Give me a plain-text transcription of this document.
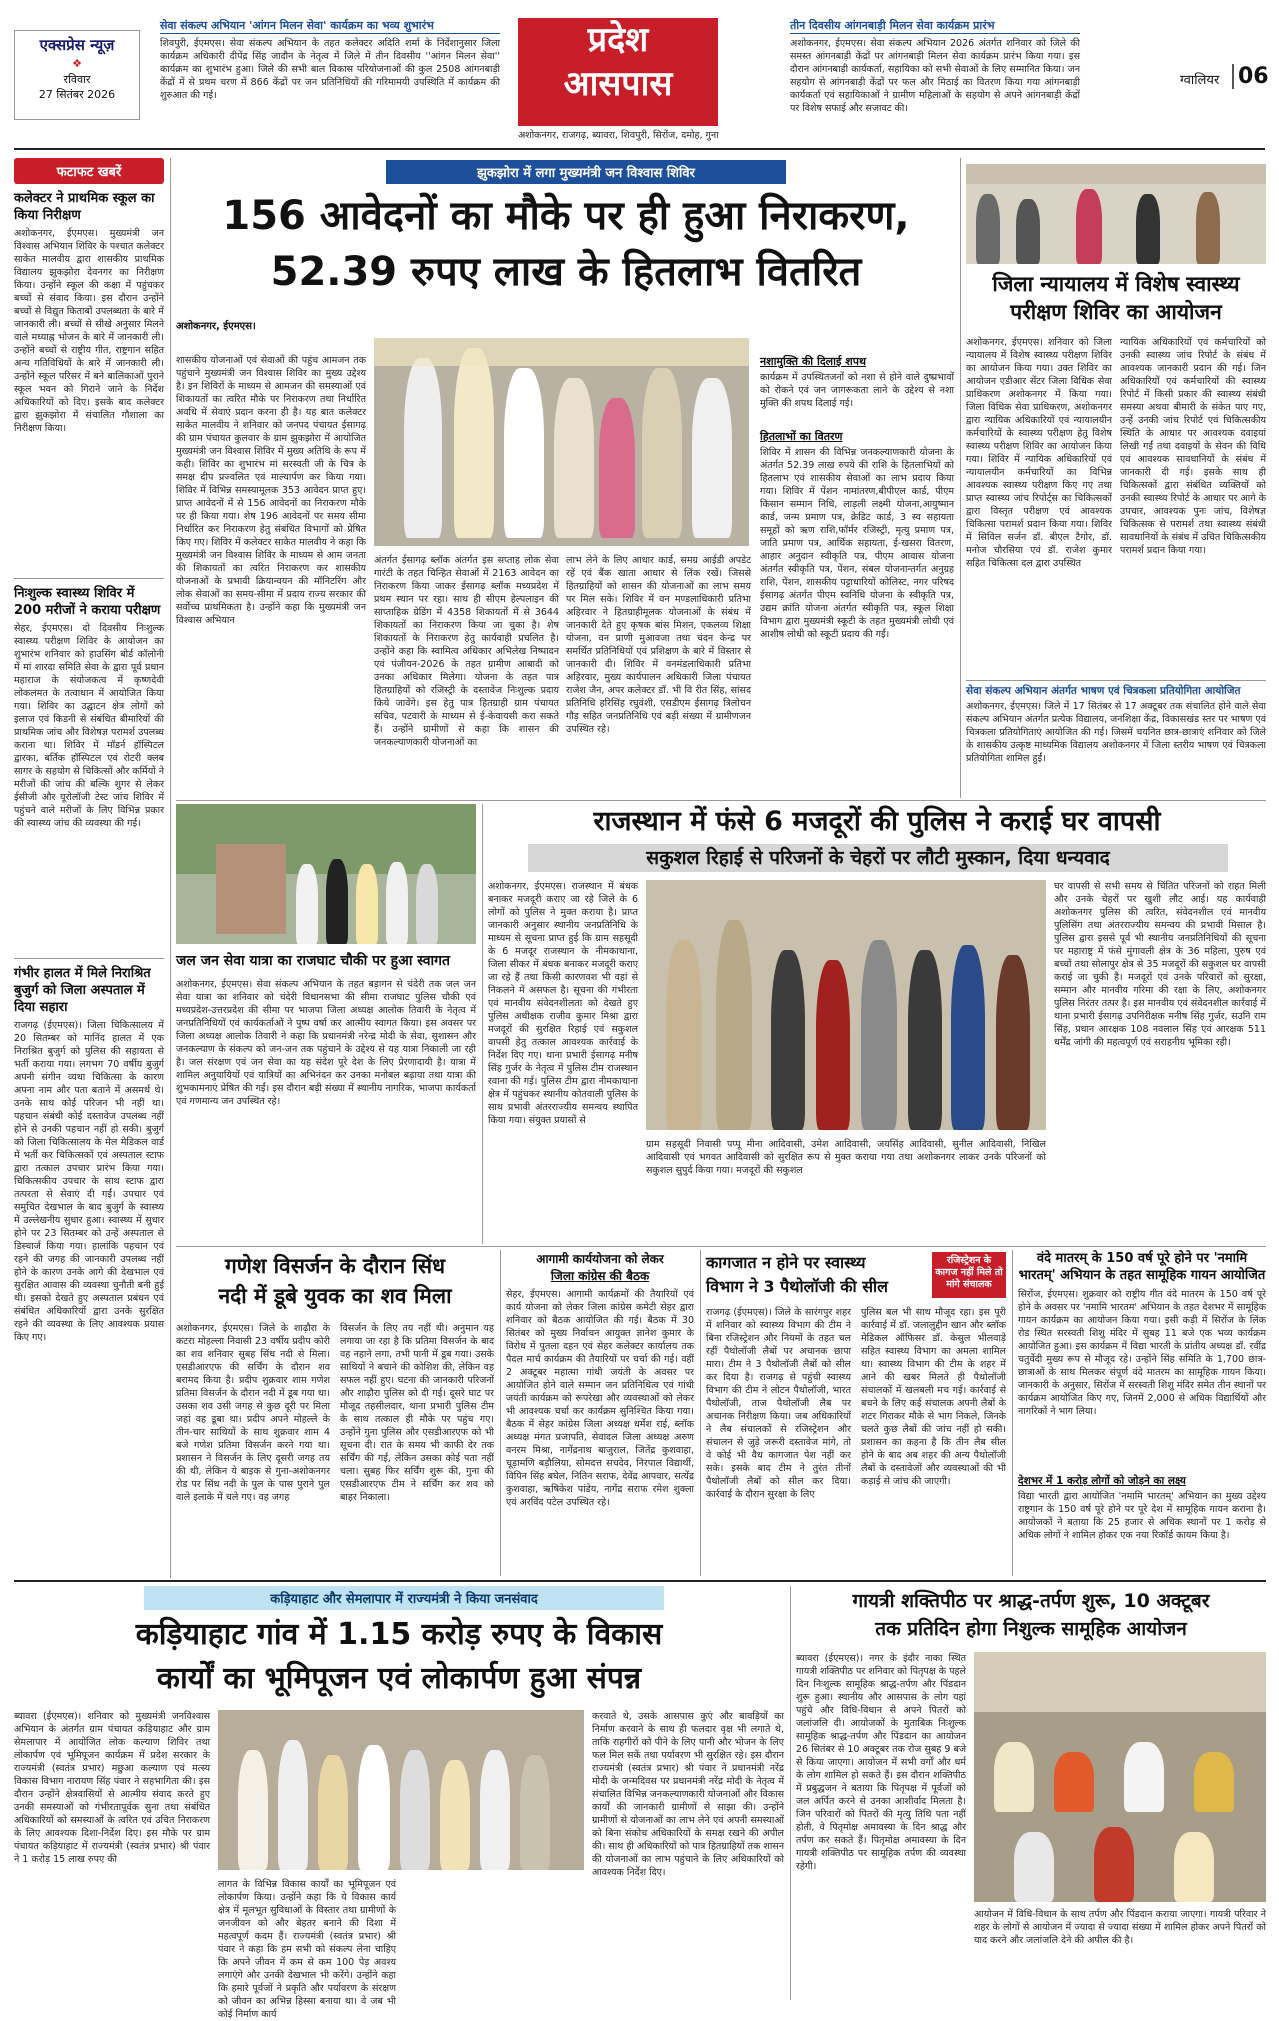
एक्सप्रेस न्यूज़
❖
रविवार
27 सितंबर 2026
सेवा संकल्प अभियान 'आंगन मिलन सेवा' कार्यक्रम का भव्य शुभारंभ
शिवपुरी, ईएमएस। सेवा संकल्प अभियान के तहत कलेक्टर अदिति शर्मा के निर्देशानुसार जिला कार्यक्रम अधिकारी दीपेंद्र सिंह जादौन के नेतृत्व में जिले में तीन दिवसीय ''आंगन मिलन सेवा'' कार्यक्रम का शुभारंभ हुआ। जिले की सभी बाल विकास परियोजनाओं की कुल 2508 आंगनबाड़ी केंद्रों में से प्रथम चरण में 866 केंद्रों पर जन प्रतिनिधियों की गरिमामयी उपस्थिति में कार्यक्रम की शुरुआत की गई।
प्रदेश
आसपास
अशोकनगर, राजगढ़, ब्यावरा, शिवपुरी, सिरोंज, दमोह, गुना
तीन दिवसीय आंगनबाड़ी मिलन सेवा कार्यक्रम प्रारंभ
अशोकनगर, ईएमएस। सेवा संकल्प अभियान 2026 अंतर्गत शनिवार को जिले की समस्त आंगनबाड़ी केंद्रों पर आंगनबाड़ी मिलन सेवा कार्यक्रम प्रारंभ किया गया। इस दौरान आंगनबाड़ी कार्यकर्ता, सहायिका को सभी सेवाओं के लिए सम्मानित किया। जन सहयोग से आंगनबाड़ी केंद्रों पर फल और मिठाई का वितरण किया गया आंगनबाड़ी कार्यकर्ता एवं सहायिकाओं ने ग्रामीण महिलाओं के सहयोग से अपने आंगनबाड़ी केंद्रों पर विशेष सफाई और सजावट की।
ग्वालियर 06
फटाफट खबरें
कलेक्टर ने प्राथमिक स्कूल का किया निरीक्षण
अशोकनगर, ईएमएस। मुख्यमंत्री जन विश्वास अभियान शिविर के पश्चात कलेक्टर साकेत मालवीय द्वारा शासकीय प्राथमिक विद्यालय झुकझोरा देवनगर का निरीक्षण किया। उन्होंने स्कूल की कक्षा में पहुंचकर बच्चों से संवाद किया। इस दौरान उन्होंने बच्चों से विद्युत किताबों उपलब्धता के बारे में जानकारी ली। बच्चों से सीखे अनुसार मिलने वाले मध्याह्न भोजन के बारे में जानकारी ली। उन्होंने बच्चों से राष्ट्रीय गीत, राष्ट्रगान सहित अन्य गतिविधियों के बारे में जानकारी ली। उन्होंने स्कूल परिसर में बने बालिकाओं पुराने स्कूल भवन को गिराने जाने के निर्देश अधिकारियों को दिए। इसके बाद कलेक्टर द्वारा झुकझोरा में संचालित गौशाला का निरीक्षण किया।
निःशुल्क स्वास्थ्य शिविर में 200 मरीजों ने कराया परीक्षण
सेहर, ईएमएस। दो दिवसीय निःशुल्क स्वास्थ्य परीक्षण शिविर के आयोजन का शुभारंभ शनिवार को हाउसिंग बोर्ड कॉलोनी में मां शारदा समिति सेवा के द्वारा पूर्व प्रधान महाराज के संयोजकत्व में कृष्णदेवी लोकलमत के तत्वाधान में आयोजित किया गया। शिविर का उद्घाटन क्षेत्र लोगों को इलाज एवं किडनी से संबंधित बीमारियों की प्राथमिक जांच और विशेषज्ञ परामर्श उपलब्ध कराना था। शिविर में मॉडर्न हॉस्पिटल द्वारका, बर्तिक हॉस्पिटल एवं रोटरी क्लब सागर के सहयोग से चिकित्सों और कर्मियों ने मरीजों की जांच की बल्कि शुगर से लेकर ईसीजी और यूरोलॉजी टेस्ट जांच शिविर में पहुंचने वाले मरीजों के लिए विभिन्न प्रकार की स्वास्थ्य जांच की व्यवस्था की गई।
गंभीर हालत में मिले निराश्रित बुजुर्ग को जिला अस्पताल में दिया सहारा
राजगढ़ (ईएमएस)। जिला चिकित्सालय में 20 सितम्बर को मानिंद हालत में एक निराश्रित बुजुर्ग को पुलिस की सहायता से भर्ती कराया गया। लगभग 70 वर्षीय बुजुर्ग अपनी संगीन व्यथा चिकित्सा के कारण अपना नाम और पता बताने में असमर्थ थे। उनके साथ कोई परिजन भी नहीं था। पहचान संबंधी कोई दस्तावेज उपलब्ध नहीं होने से उनकी पहचान नहीं हो सकी। बुजुर्ग को जिला चिकित्सालय के मेल मेडिकल वार्ड में भर्ती कर चिकित्सकों एवं अस्पताल स्टाफ द्वारा तत्काल उपचार प्रारंभ किया गया। चिकित्सकीय उपचार के साथ स्टाफ द्वारा तत्परता से सेवाएं दी गईं। उपचार एवं समुचित देखभाल के बाद बुजुर्ग के स्वास्थ्य में उल्लेखनीय सुधार हुआ। स्वास्थ्य में सुधार होने पर 23 सितम्बर को उन्हें अस्पताल से डिस्चार्ज किया गया। हालांकि पहचान एवं रहने की जगह की जानकारी उपलब्ध नहीं होने के कारण उनके आगे की देखभाल एवं सुरक्षित आवास की व्यवस्था चुनौती बनी हुई थी। इसको देखते हुए अस्पताल प्रबंधन एवं संबंधित अधिकारियों द्वारा उनके सुरक्षित रहने की व्यवस्था के लिए आवश्यक प्रयास किए गए।
झुकझोरा में लगा मुख्यमंत्री जन विश्वास शिविर
156 आवेदनों का मौके पर ही हुआ निराकरण,
52.39 रुपए लाख के हितलाभ वितरित
अशोकनगर, ईएमएस।
शासकीय योजनाओं एवं सेवाओं की पहुंच आमजन तक पहुंचाने मुख्यमंत्री जन विश्वास शिविर का मुख्य उद्देश्य है। इन शिविरों के माध्यम से आमजन की समस्याओं एवं शिकायतों का त्वरित मौके पर निराकरण तथा निर्धारित अवधि में सेवाएं प्रदान करना ही है। यह बात कलेक्टर साकेत मालवीय ने शनिवार को जनपद पंचायत ईसागढ़ की ग्राम पंचायत कुलवार के ग्राम झुकझोरा में आयोजित मुख्यमंत्री जन विश्वास शिविर में मुख्य अतिथि के रूप में कही। शिविर का शुभारंभ मां सरस्वती जी के चित्र के समक्ष दीप प्रज्वलित एवं माल्यार्पण कर किया गया। शिविर में विभिन्न समस्यामूलक 353 आवेदन प्राप्त हुए। प्राप्त आवेदनों में से 156 आवेदनों का निराकरण मौके पर ही किया गया। शेष 196 आवेदनों पर समय सीमा निर्धारित कर निराकरण हेतु संबंधित विभागों को प्रेषित किए गए। शिविर में कलेक्टर साकेत मालवीय ने कहा कि मुख्यमंत्री जन विश्वास शिविर के माध्यम से आम जनता की शिकायतों का त्वरित निराकरण कर शासकीय योजनाओं के प्रभावी क्रियान्वयन की मॉनिटरिंग और लोक सेवाओं का समय-सीमा में प्रदाय राज्य सरकार की सर्वोच्च प्राथमिकता है। उन्होंने कहा कि मुख्यमंत्री जन विश्वास अभियान
अंतर्गत ईसागढ़ ब्लॉक अंतर्गत इस सप्ताह लोक सेवा गारंटी के तहत चिन्हित सेवाओं में 2163 आवेदन का निराकरण किया जाकर ईसागढ़ ब्लॉक मध्यप्रदेश में प्रथम स्थान पर रहा। साथ ही सीएम हेल्पलाइन की साप्ताहिक ग्रेडिंग में 4358 शिकायतों में से 3644 शिकायतों का निराकरण किया जा चुका है। शेष शिकायतों के निराकरण हेतु कार्यवाही प्रचलित है। उन्होंने कहा कि स्वामित्व अधिकार अभिलेख निष्पादन एवं पंजीयन-2026 के तहत ग्रामीण आबादी को उनका अधिकार मिलेगा। योजना के तहत पात्र हितग्राहियों को रजिस्ट्री के दस्तावेज निःशुल्क प्रदाय किये जावेंगे। इस हेतु पात्र हितग्राही ग्राम पंचायत सचिव, पटवारी के माध्यम से ई-केवायसी करा सकते हैं। उन्होंने ग्रामीणों से कहा कि शासन की जनकल्याणकारी योजनाओं का
लाभ लेने के लिए आधार कार्ड, समग्र आईडी अपडेट रहें एवं बैंक खाता आधार से लिंक रखें। जिससे हितग्राहियों को शासन की योजनाओं का लाभ समय पर मिल सके। शिविर में वन मण्डलाधिकारी प्रतिभा अहिरवार ने हितग्राहीमूलक योजनाओं के संबंध में जानकारी देते हुए कृषक बांस मिशन, एकलव्य शिक्षा योजना, वन प्राणी मुआवजा तथा चंदन केन्द्र पर समर्थित प्रतिनिधियों एवं प्रशिक्षण के बारे में विस्तार से जानकारी दी। शिविर में वनमंडलाधिकारी प्रतिभा अहिरवार, मुख्य कार्यपालन अधिकारी जिला पंचायत राजेश जैन, अपर कलेक्टर डॉ. भी वि रीत सिंह, सांसद प्रतिनिधि हरिसिंह रघुवंशी, एसडीएम ईसागढ़ त्रिलोचन गौड़ सहित जनप्रतिनिधि एवं बड़ी संख्या में ग्रामीणजन उपस्थित रहे।
नशामुक्ति की दिलाई शपथ
कार्यक्रम में उपस्थितजनों को नशा से होने वाले दुष्प्रभावों को रोकने एवं जन जागरूकता लाने के उद्देश्य से नशा मुक्ति की शपथ दिलाई गई।
हितलाभों का वितरण
शिविर में शासन की विभिन्न जनकल्याणकारी योजना के अंतर्गत 52.39 लाख रुपये की राशि के हितलाभियों को हितलाभ एवं शासकीय सेवाओं का लाभ प्रदाय किया गया। शिविर में पेंशन नामांतरण,बीपीएल कार्ड, पीएम किसान सम्मान निधि, लाड़ली लक्ष्मी योजना,आयुष्मान कार्ड, जन्म प्रमाण पत्र, क्रेडिट कार्ड, 3 स्व सहायता समूहों को ऋण राशि,फॉर्मर रजिस्ट्री, मृत्यु प्रमाण पत्र, जाति प्रमाण पत्र, आर्थिक सहायता, ई-खसरा वितरण, आहार अनुदान स्वीकृति पत्र, पीएम आवास योजना अंतर्गत स्वीकृति पत्र, पेंशन, संबल योजनान्तर्गत अनुग्रह राशि, पेंशन, शासकीय पट्टाधारियों कोलिस्ट, नगर परिषद ईसागढ़ अंतर्गत पीएम स्वनिधि योजना के स्वीकृति पत्र, उद्यम क्रांति योजना अंतर्गत स्वीकृति पत्र, स्कूल शिक्षा विभाग द्वारा मुख्यमंत्री स्कूटी के तहत मुख्यमंत्री लोधी एवं आशीष लोधी को स्कूटी प्रदाय की गईं।
जिला न्यायालय में विशेष स्वास्थ्य
परीक्षण शिविर का आयोजन
अशोकनगर, ईएमएस। शनिवार को जिला न्यायालय में विशेष स्वास्थ्य परीक्षण शिविर का आयोजन किया गया। उक्त शिविर का आयोजन एडीआर सेंटर जिला विधिक सेवा प्राधिकरण अशोकनगर में किया गया। जिला विधिक सेवा प्राधिकरण, अशोकनगर द्वारा न्यायिक अधिकारियों एवं न्यायालयीन कर्मचारियों के स्वास्थ्य परीक्षण हेतु विशेष स्वास्थ्य परीक्षण शिविर का आयोजन किया गया। शिविर में न्यायिक अधिकारियों एवं न्यायालयीन कर्मचारियों का विभिन्न आवश्यक स्वास्थ्य परीक्षण किए गए तथा प्राप्त स्वास्थ्य जांच रिपोर्ट्स का चिकित्सकों द्वारा विस्तृत परीक्षण एवं आवश्यक चिकित्सा परामर्श प्रदान किया गया। शिविर में सिविल सर्जन डॉ. बीएल टैगोर, डॉ. मनोज चौरसिया एवं डॉ. राजेश कुमार सहित चिकित्सा दल द्वारा उपस्थित
न्यायिक अधिकारियों एवं कर्मचारियों को उनकी स्वास्थ्य जांच रिपोर्ट के संबंध में आवश्यक जानकारी प्रदान की गई। जिन अधिकारियों एवं कर्मचारियों की स्वास्थ्य रिपोर्ट में किसी प्रकार की स्वास्थ्य संबंधी समस्या अथवा बीमारी के संकेत पाए गए, उन्हें उनकी जांच रिपोर्ट एवं चिकित्सकीय स्थिति के आधार पर आवश्यक दवाइयां लिखी गईं तथा दवाइयों के सेवन की विधि एवं आवश्यक सावधानियों के संबंध में जानकारी दी गई। इसके साथ ही चिकित्सकों द्वारा संबंधित व्यक्तियों को उनकी स्वास्थ्य रिपोर्ट के आधार पर आगे के उपचार, आवश्यक पुनः जांच, विशेषज्ञ चिकित्सक से परामर्श तथा स्वास्थ्य संबंधी सावधानियों के संबंध में उचित चिकित्सकीय परामर्श प्रदान किया गया।
सेवा संकल्प अभियान अंतर्गत भाषण एवं चित्रकला प्रतियोगिता आयोजित
अशोकनगर, ईएमएस। जिले में 17 सितंबर से 17 अक्टूबर तक संचालित होने वाले सेवा संकल्प अभियान अंतर्गत प्रत्येक विद्यालय, जनशिक्षा केंद्र, विकासखंड स्तर पर भाषण एवं चित्रकला प्रतियोगिताएं आयोजित की गई। जिसमें चयनित छात्र-छात्राएं शनिवार को जिले के शासकीय उत्कृष्ट माध्यमिक विद्यालय अशोकनगर में जिला स्तरीय भाषण एवं चित्रकला प्रतियोगिता शामिल हुईं।
जल जन सेवा यात्रा का राजघाट चौकी पर हुआ स्वागत
अशोकनगर, ईएमएस। सेवा संकल्प अभियान के तहत बड़ागन से चंदेरी तक जल जन सेवा यात्रा का शनिवार को चंदेरी विधानसभा की सीमा राजघाट पुलिस चौकी एवं मध्यप्रदेश-उत्तरप्रदेश की सीमा पर भाजपा जिला अध्यक्ष आलोक तिवारी के नेतृत्व में जनप्रतिनिधियों एवं कार्यकर्ताओं ने पुष्प वर्षा कर आत्मीय स्वागत किया। इस अवसर पर जिला अध्यक्ष आलोक तिवारी ने कहा कि प्रधानमंत्री नरेन्द्र मोदी के सेवा, सुशासन और जनकल्याण के संकल्प को जन-जन तक पहुंचाने के उद्देश्य से यह यात्रा निकाली जा रही है। जल संरक्षण एवं जन सेवा का यह संदेश पूरे देश के लिए प्रेरणादायी है। यात्रा में शामिल अनुयायियों एवं यात्रियों का अभिनंदन कर उनका मनोबल बढ़ाया तथा यात्रा की शुभकामनाएं प्रेषित की गईं। इस दौरान बड़ी संख्या में स्थानीय नागरिक, भाजपा कार्यकर्ता एवं गणमान्य जन उपस्थित रहे।
राजस्थान में फंसे 6 मजदूरों की पुलिस ने कराई घर वापसी
सकुशल रिहाई से परिजनों के चेहरों पर लौटी मुस्कान, दिया धन्यवाद
अशोकनगर, ईएमएस। राजस्थान में बंधक बनाकर मजदूरी कराए जा रहे जिले के 6 लोगों को पुलिस ने मुक्त कराया है। प्राप्त जानकारी अनुसार स्थानीय जनप्रतिनिधि के माध्यम से सूचना प्राप्त हुई कि ग्राम सहसूदी के 6 मजदूर राजस्थान के नीमकाथाना, जिला सीकर में बंधक बनाकर मजदूरी कराए जा रहे हैं तथा किसी कारणवश भी वहां से निकलने में असफल है। सूचना की गंभीरता एवं मानवीय संवेदनशीलता को देखते हुए पुलिस अधीक्षक राजीव कुमार मिश्रा द्वारा मजदूरों की सुरक्षित रिहाई एवं सकुशल वापसी हेतु तत्काल आवश्यक कार्रवाई के निर्देश दिए गए। थाना प्रभारी ईसागढ़ मनीष सिंह गुर्जर के नेतृत्व में पुलिस टीम राजस्थान रवाना की गई। पुलिस टीम द्वारा नीमकाथाना क्षेत्र में पहुंचकर स्थानीय कोतवाली पुलिस के साथ प्रभावी अंतरराज्यीय समन्वय स्थापित किया गया। संयुक्त प्रयासों से
ग्राम सहसूदी निवासी पप्पू मीना आदिवासी, उमेश आदिवासी, जयसिंह आदिवासी, सुनील आदिवासी, निखिल आदिवासी एवं भगवत आदिवासी को सुरक्षित रूप से मुक्त कराया गया तथा अशोकनगर लाकर उनके परिजनों को सकुशल सुपुर्द किया गया। मजदूरों की सकुशल
घर वापसी से सभी समय से चिंतित परिजनों को राहत मिली और उनके चेहरों पर खुशी लौट आई। यह कार्यवाही अशोकनगर पुलिस की त्वरित, संवेदनशील एवं मानवीय पुलिसिंग तथा अंतरराज्यीय समन्वय की प्रभावी मिसाल है। पुलिस द्वारा इससे पूर्व भी स्थानीय जनप्रतिनिधियों की सूचना पर महाराष्ट्र में फंसे मुंगावली क्षेत्र के 36 महिला, पुरुष एवं बच्चों तथा सोलापुर क्षेत्र से 35 मजदूरों की सकुशल घर वापसी कराई जा चुकी है। मजदूरों एवं उनके परिवारों को सुरक्षा, सम्मान और मानवीय गरिमा की रक्षा के लिए, अशोकनगर पुलिस निरंतर तत्पर है। इस मानवीय एवं संवेदनशील कार्रवाई में थाना प्रभारी ईसागढ़ उपनिरीक्षक मनीष सिंह गुर्जर, सउनि राम सिंह, प्रधान आरक्षक 108 नवलाल सिंह एवं आरक्षक 511 धर्मेंद्र जांगी की महत्वपूर्ण एवं सराहनीय भूमिका रही।
गणेश विसर्जन के दौरान सिंध
नदी में डूबे युवक का शव मिला
अशोकनगर, ईएमएस। जिले के शाढ़ौरा के कटरा मोहल्ला निवासी 23 वर्षीय प्रदीप कोरी का शव शनिवार सुबह सिंध नदी से मिला। एसडीआरएफ की सर्चिंग के दौरान शव बरामद किया है। प्रदीप शुक्रवार शाम गणेश प्रतिमा विसर्जन के दौरान नदी में डूब गया था। उसका शव उसी जगह से कुछ दूरी पर मिला जहां वह डूबा था। प्रदीप अपने मोहल्ले के तीन-चार साथियों के साथ शुक्रवार शाम 4 बजे गणेश प्रतिमा विसर्जन करने गया था। प्रशासन ने विसर्जन के लिए दूसरी जगह तय की थी, लेकिन ये बाइक से गुना-अशोकनगर रोड पर सिंध नदी के पुल के पास पुराने पुल वाले इलाके में चले गए। वह जगह
विसर्जन के लिए तय नहीं थी। अनुमान यह लगाया जा रहा है कि प्रतिमा विसर्जन के बाद वह नहाने लगा, तभी पानी में डूब गया। उसके साथियों ने बचाने की कोशिश की, लेकिन वह सफल नहीं हुए। घटना की जानकारी परिजनों और शाढ़ौरा पुलिस को दी गई। दूसरे घाट पर मौजूद तहसीलदार, थाना प्रभारी पुलिस टीम के साथ तत्काल ही मौके पर पहुंच गए। उन्होंने गुना पुलिस और एसडीआरएफ को भी सूचना दी। रात के समय भी काफी देर तक सर्चिंग की गई, लेकिन उसका कोई पता नहीं चला। सुबह फिर सर्चिंग शुरू की, गुना की एसडीआरएफ टीम ने सर्चिंग कर शव को बाहर निकाला।
आगामी कार्ययोजना को लेकर
जिला कांग्रेस की बैठक
सेहर, ईएमएस। आगामी कार्यक्रमों की तैयारियों एवं कार्य योजना को लेकर जिला कांग्रेस कमेटी सेहर द्वारा शनिवार को बैठक आयोजित की गई। बैठक में 30 सितंबर को मुख्य निर्वाचन आयुक्त ज्ञानेश कुमार के विरोध में पुतला दहन एवं सेहर कलेक्टर कार्यालय तक पैदल मार्च कार्यक्रम की तैयारियों पर चर्चा की गई। वहीं 2 अक्टूबर महात्मा गांधी जयंती के अवसर पर आयोजित होने वाले सम्मान जन प्रतिनिधित्व एवं गांधी जयंती कार्यक्रम को रूपरेखा और व्यवस्थाओं को लेकर भी आवश्यक चर्चा कर कार्यक्रम सुनिश्चित किया गया। बैठक में सेहर कांग्रेस जिला अध्यक्ष धर्मेश राई, ब्लॉक अध्यक्ष मंगत प्रजापति, सेवादल जिला अध्यक्ष अरुण वनरम मिश्रा, नागेंद्रनाथ बाजुराल, जितेंद्र कुशवाहा, चूड़ामणि बड़ौलिया, सोमदत्त सचदेव, निरपाल विद्यार्थी, विपिन सिंह बघेल, नितिन सराफ, देवेंद्र आपवार, सत्येंद्र कुशवाहा, ऋषिकेश पांडेय, नागेंद्र सराफ रमेश शुक्ला एवं अरविंद पटेल उपस्थित रहे।
कागजात न होने पर स्वास्थ्य
विभाग ने 3 पैथोलॉजी की सील
रजिस्ट्रेशन के कागज नहीं मिले तो मांगे संचालक
राजगढ़ (ईएमएस)। जिले के सारंगपुर शहर में शनिवार को स्वास्थ्य विभाग की टीम ने बिना रजिस्ट्रेशन और नियमों के तहत चल रहीं पैथोलॉजी लैबों पर अचानक छापा मारा। टीम ने 3 पैथोलॉजी लैबों को सील कर दिया है। राजगढ़ से पहुंची स्वास्थ्य विभाग की टीम ने लोटन पैथोलॉजी, भारत पैथोलॉजी, ताज पैथोलॉजी लैब पर अचानक निरीक्षण किया। जब अधिकारियों ने लैब संचालकों से रजिस्ट्रेशन और संचालन से जुड़े जरूरी दस्तावेज मांगे, तो वे कोई भी वैध कागजात पेश नहीं कर सके। इसके बाद टीम ने तुरंत तीनों पैथोलॉजी लैबों को सील कर दिया। कार्रवाई के दौरान सुरक्षा के लिए
पुलिस बल भी साथ मौजूद रहा। इस पूरी कार्रवाई में डॉ. जलालुद्दीन खान और ब्लॉक मेडिकल ऑफिसर डॉ. केसुल भीलवाड़े सहित स्वास्थ्य विभाग का अमला शामिल था। स्वास्थ्य विभाग की टीम के शहर में आने की खबर मिलते ही पैथोलॉजी संचालकों में खलबली मच गई। कार्रवाई से बचने के लिए कई संचालक अपनी लैबों के शटर गिराकर मौके से भाग निकले, जिनके चलते कुछ लैबों की जांच नहीं हो सकी। प्रशासन का कहना है कि तीन लैब सील होने के बाद अब शहर की अन्य पैथोलॉजी लैबों के दस्तावेजों और व्यवस्थाओं की भी कड़ाई से जांच की जाएगी।
वंदे मातरम् के 150 वर्ष पूरे होने पर 'नमामि भारतम्' अभियान के तहत सामूहिक गायन आयोजित
सिरोंज, ईएमएस। शुक्रवार को राष्ट्रीय गीत वंदे मातरम के 150 वर्ष पूरे होने के अवसर पर 'नमामि भारतम' अभियान के तहत देशभर में सामूहिक गायन कार्यक्रम का आयोजन किया गया। इसी कड़ी में सिरोंज के लिंक रोड स्थित सरस्वती शिशु मंदिर में सुबह 11 बजे एक भव्य कार्यक्रम आयोजित हुआ। इस कार्यक्रम में विद्या भारती के प्रांतीय अध्यक्ष डॉ. रवींद्र चतुर्वेदी मुख्य रूप से मौजूद रहे। उन्होंने सिंह समिति के 1,700 छात्र-छात्राओं के साथ मिलकर संपूर्ण वंदे मातरम का सामूहिक गायन किया। जानकारी के अनुसार, सिरोंज में सरस्वती शिशु मंदिर समेत तीन स्थानों पर कार्यक्रम आयोजित किए गए, जिनमें 2,000 से अधिक विद्यार्थियों और नागरिकों ने भाग लिया।
देशभर में 1 करोड़ लोगों को जोड़ने का लक्ष्य
विद्या भारती द्वारा आयोजित 'नमामि भारतम्' अभियान का मुख्य उद्देश्य राष्ट्रगान के 150 वर्ष पूरे होने पर पूरे देश में सामूहिक गायन कराना है। आयोजकों ने बताया कि 25 हजार से अधिक स्थानों पर 1 करोड़ से अधिक लोगों ने शामिल होकर एक नया रिकॉर्ड कायम किया है।
कड़ियाहाट और सेमलापार में राज्यमंत्री ने किया जनसंवाद
कड़ियाहाट गांव में 1.15 करोड़ रुपए के विकास
कार्यों का भूमिपूजन एवं लोकार्पण हुआ संपन्न
ब्यावरा (ईएमएस)। शनिवार को मुख्यमंत्री जनविश्वास अभियान के अंतर्गत ग्राम पंचायत कड़ियाहाट और ग्राम सेमलापार में आयोजित लोक कल्याण शिविर तथा लोकार्पण एवं भूमिपूजन कार्यक्रम में प्रदेश सरकार के राज्यमंत्री (स्वतंत्र प्रभार) मछुआ कल्याण एवं मत्स्य विकास विभाग नारायण सिंह पंवार ने सहभागिता की। इस दौरान उन्होंने क्षेत्रवासियों से आत्मीय संवाद करते हुए उनकी समस्याओं को गंभीरतापूर्वक सुना तथा संबंधित अधिकारियों को समस्याओं के त्वरित एवं उचित निराकरण के लिए आवश्यक दिशा-निर्देश दिए। इस मौके पर ग्राम पंचायत कड़ियाहाट में राज्यमंत्री (स्वतंत्र प्रभार) श्री पंवार ने 1 करोड़ 15 लाख रुपए की
लागत के विभिन्न विकास कार्यों का भूमिपूजन एवं लोकार्पण किया। उन्होंने कहा कि ये विकास कार्य क्षेत्र में मूलभूत सुविधाओं के विस्तार तथा ग्रामीणों के जनजीवन को और बेहतर बनाने की दिशा में महत्वपूर्ण कदम हैं। राज्यमंत्री (स्वतंत्र प्रभार) श्री पंवार ने कहा कि हम सभी को संकल्प लेना चाहिए कि अपने जीवन में कम से कम 100 पेड़ अवश्य लगाएंगे और उनकी देखभाल भी करेंगे। उन्होंने कहा कि हमारे पूर्वजों ने प्रकृति और पर्यावरण के संरक्षण को जीवन का अभिन्न हिस्सा बनाया था। वे जब भी कोई निर्माण कार्य
करवाते थे, उसके आसपास कुएं और बावड़ियों का निर्माण करवाने के साथ ही फलदार वृक्ष भी लगाते थे, ताकि राहगीरों को पीने के लिए पानी और भोजन के लिए फल मिल सकें तथा पर्यावरण भी सुरक्षित रहे। इस दौरान राज्यमंत्री (स्वतंत्र प्रभार) श्री पंवार ने प्रधानमंत्री नरेंद्र मोदी के जन्मदिवस पर प्रधानमंत्री नरेंद्र मोदी के नेतृत्व में संचालित विभिन्न जनकल्याणकारी योजनाओं और विकास कार्यों की जानकारी ग्रामीणों से साझा की। उन्होंने ग्रामीणों से योजनाओं का लाभ लेने एवं अपनी समस्याओं को बिना संकोच अधिकारियों के समक्ष रखने की अपील की। साथ ही अधिकारियों को पात्र हितग्राहियों तक शासन की योजनाओं का लाभ पहुंचाने के लिए अधिकारियों को आवश्यक निर्देश दिए।
गायत्री शक्तिपीठ पर श्राद्ध-तर्पण शुरू, 10 अक्टूबर
तक प्रतिदिन होगा निशुल्क सामूहिक आयोजन
ब्यावरा (ईएमएस)। नगर के इंदौर नाका स्थित गायत्री शक्तिपीठ पर शनिवार को पितृपक्ष के पहले दिन निःशुल्क सामूहिक श्राद्ध-तर्पण और पिंडदान शुरू हुआ। स्थानीय और आसपास के लोग यहां पहुंचे और विधि-विधान से अपने पितरों को जलांजलि दी। आयोजकों के मुताबिक निःशुल्क सामूहिक श्राद्ध-तर्पण और पिंडदान का आयोजन 26 सितंबर से 10 अक्टूबर तक रोज सुबह 9 बजे से किया जाएगा। आयोजन में सभी वर्गों और धर्म के लोग शामिल हो सकते हैं। इस दौरान शक्तिपीठ में प्रबुद्धजन ने बताया कि पितृपक्ष में पूर्वजों को जल अर्पित करने से उनका आशीर्वाद मिलता है। जिन परिवारों को पितरों की मृत्यु तिथि पता नहीं होती, वे पितृमोक्ष अमावस्या के दिन श्राद्ध और तर्पण कर सकते हैं। पितृमोक्ष अमावस्या के दिन गायत्री शक्तिपीठ पर सामूहिक तर्पण की व्यवस्था रहेगी।
आयोजन में विधि-विधान के साथ तर्पण और पिंडदान कराया जाएगा। गायत्री परिवार ने शहर के लोगों से आयोजन में ज्यादा से ज्यादा संख्या में शामिल होकर अपने पितरों को याद करने और जलांजलि देने की अपील की है।
